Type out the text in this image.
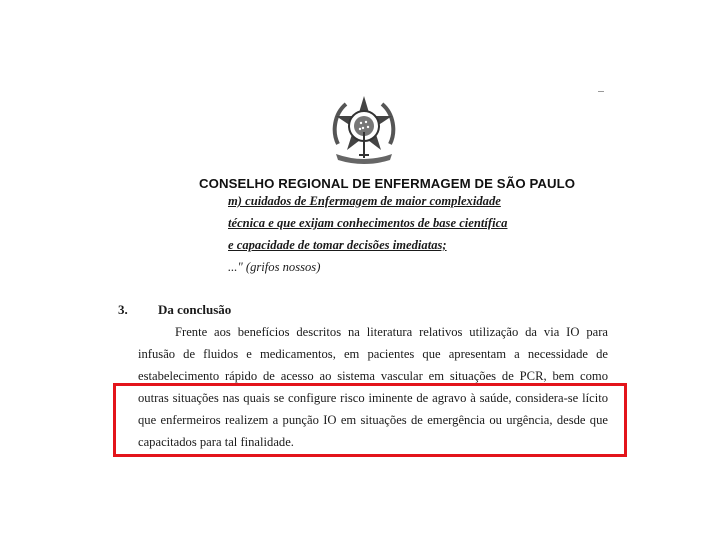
CONSELHO REGIONAL DE ENFERMAGEM DE SÃO PAULO
m) cuidados de Enfermagem de maior complexidade
técnica e que exijam conhecimentos de base científica
e capacidade de tomar decisões imediatas;
..." (grifos nossos)
3. Da conclusão
Frente aos benefícios descritos na literatura relativos utilização da via IO para
infusão de fluidos e medicamentos, em pacientes que apresentam a necessidade de
estabelecimento rápido de acesso ao sistema vascular em situações de PCR, bem como
outras situações nas quais se configure risco iminente de agravo à saúde, considera-se lícito
que enfermeiros realizem a punção IO em situações de emergência ou urgência, desde que
capacitados para tal finalidade.
